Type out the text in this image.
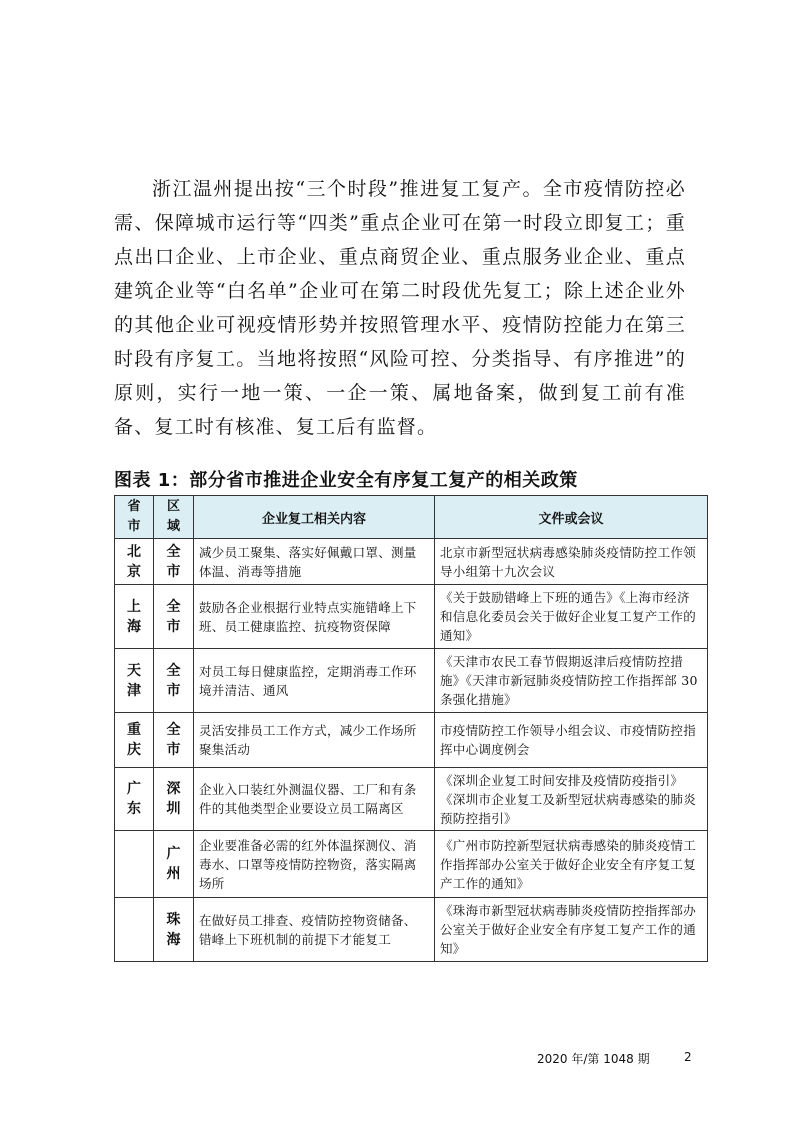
浙江温州提出按“三个时段”推进复工复产。全市疫情防控必需、保障城市运行等“四类”重点企业可在第一时段立即复工；重点出口企业、上市企业、重点商贸企业、重点服务业企业、重点建筑企业等“白名单”企业可在第二时段优先复工；除上述企业外的其他企业可视疫情形势并按照管理水平、疫情防控能力在第三时段有序复工。当地将按照“风险可控、分类指导、有序推进”的原则，实行一地一策、一企一策、属地备案，做到复工前有准备、复工时有核准、复工后有监督。

图表 1：部分省市推进企业安全有序复工复产的相关政策
省市	区域	企业复工相关内容	文件或会议
北京	全市	减少员工聚集、落实好佩戴口罩、测量体温、消毒等措施	北京市新型冠状病毒感染肺炎疫情防控工作领导小组第十九次会议
上海	全市	鼓励各企业根据行业特点实施错峰上下班、员工健康监控、抗疫物资保障	《关于鼓励错峰上下班的通告》《上海市经济和信息化委员会关于做好企业复工复产工作的通知》
天津	全市	对员工每日健康监控，定期消毒工作环境并清洁、通风	《天津市农民工春节假期返津后疫情防控措施》《天津市新冠肺炎疫情防控工作指挥部 30 条强化措施》
重庆	全市	灵活安排员工工作方式，减少工作场所聚集活动	市疫情防控工作领导小组会议、市疫情防控指挥中心调度例会
广东	深圳	企业入口装红外测温仪器、工厂和有条件的其他类型企业要设立员工隔离区	《深圳企业复工时间安排及疫情防疫指引》《深圳市企业复工及新型冠状病毒感染的肺炎预防控指引》
	广州	企业要准备必需的红外体温探测仪、消毒水、口罩等疫情防控物资，落实隔离场所	《广州市防控新型冠状病毒感染的肺炎疫情工作指挥部办公室关于做好企业安全有序复工复产工作的通知》
	珠海	在做好员工排查、疫情防控物资储备、错峰上下班机制的前提下才能复工	《珠海市新型冠状病毒肺炎疫情防控指挥部办公室关于做好企业安全有序复工复产工作的通知》
2020 年/第 1048 期	2
